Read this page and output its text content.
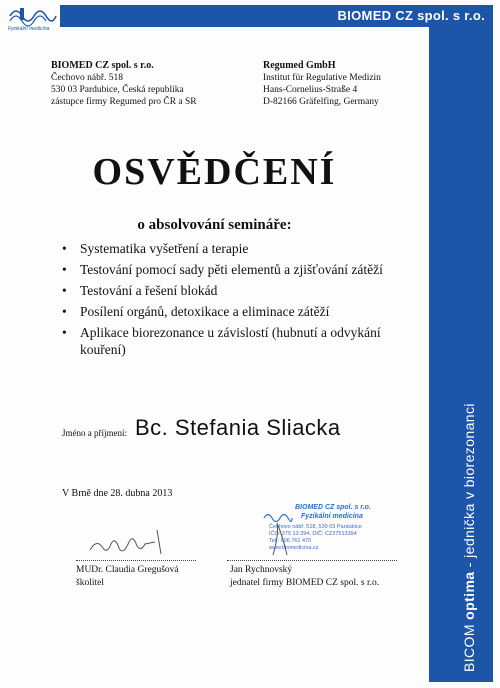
Fyzikální medicína
BIOMED CZ spol. s r.o.
BICOM optima - jednička v biorezonanci
BIOMED CZ spol. s r.o.
Čechovo nábř. 518
530 03 Pardubice, Česká republika
zástupce firmy Regumed pro ČR a SR
Regumed GmbH
Institut für Regulative Medizin
Hans-Cornelius-Straße 4
D-82166 Gräfelfing, Germany
OSVĚDČENÍ
o absolvování semináře:
• Systematika vyšetření a terapie
• Testování pomocí sady pěti elementů a zjišťování zátěží
• Testování a řešení blokád
• Posílení orgánů, detoxikace a eliminace zátěží
• Aplikace biorezonance u závislostí (hubnutí a odvykání kouření)
Jméno a příjmení: Bc. Stefania Sliacka
V Brně dne 28. dubna 2013
MUDr. Claudia Gregušová
školitel
Jan Rychnovský
jednatel firmy BIOMED CZ spol. s r.o.
BIOMED CZ spol. s r.o.
Fyzikální medicína
Čechovo nábř. 518, 530 03 Pardubice
IČO: 275 13 394, DIČ: CZ27513394
Tel.: 606 761 470
www.biomedicina.cz
